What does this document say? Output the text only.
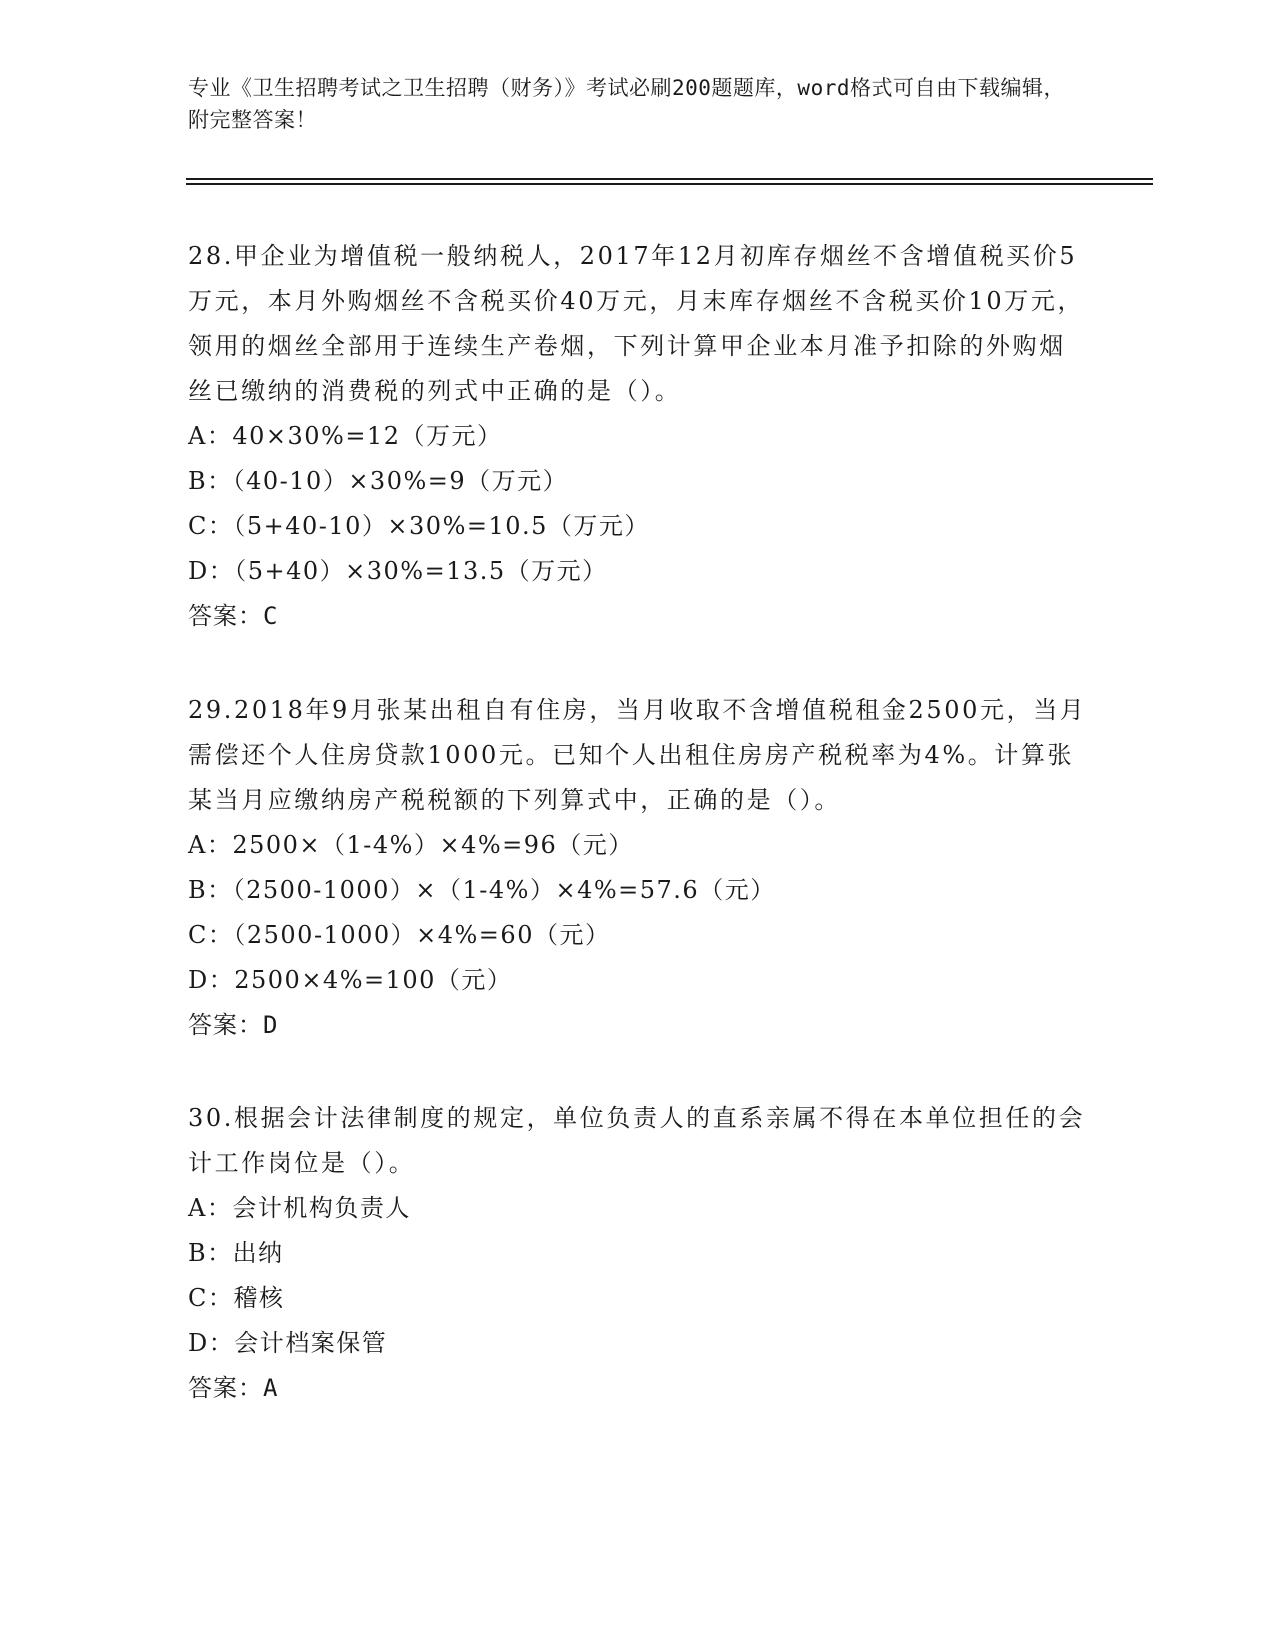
专业《卫生招聘考试之卫生招聘（财务）》考试必刷200题题库，word格式可自由下载编辑，附完整答案！
28.甲企业为增值税一般纳税人，2017年12月初库存烟丝不含增值税买价5万元，本月外购烟丝不含税买价40万元，月末库存烟丝不含税买价10万元，领用的烟丝全部用于连续生产卷烟，下列计算甲企业本月准予扣除的外购烟丝已缴纳的消费税的列式中正确的是（）。
A：40×30%=12（万元）
B：（40-10）×30%=9（万元）
C：（5+40-10）×30%=10.5（万元）
D：（5+40）×30%=13.5（万元）
答案：C
29.2018年9月张某出租自有住房，当月收取不含增值税租金2500元，当月需偿还个人住房贷款1000元。已知个人出租住房房产税税率为4%。计算张某当月应缴纳房产税税额的下列算式中，正确的是（）。
A：2500×（1-4%）×4%=96（元）
B：（2500-1000）×（1-4%）×4%=57.6（元）
C：（2500-1000）×4%=60（元）
D：2500×4%=100（元）
答案：D
30.根据会计法律制度的规定，单位负责人的直系亲属不得在本单位担任的会计工作岗位是（）。
A：会计机构负责人
B：出纳
C：稽核
D：会计档案保管
答案：A
